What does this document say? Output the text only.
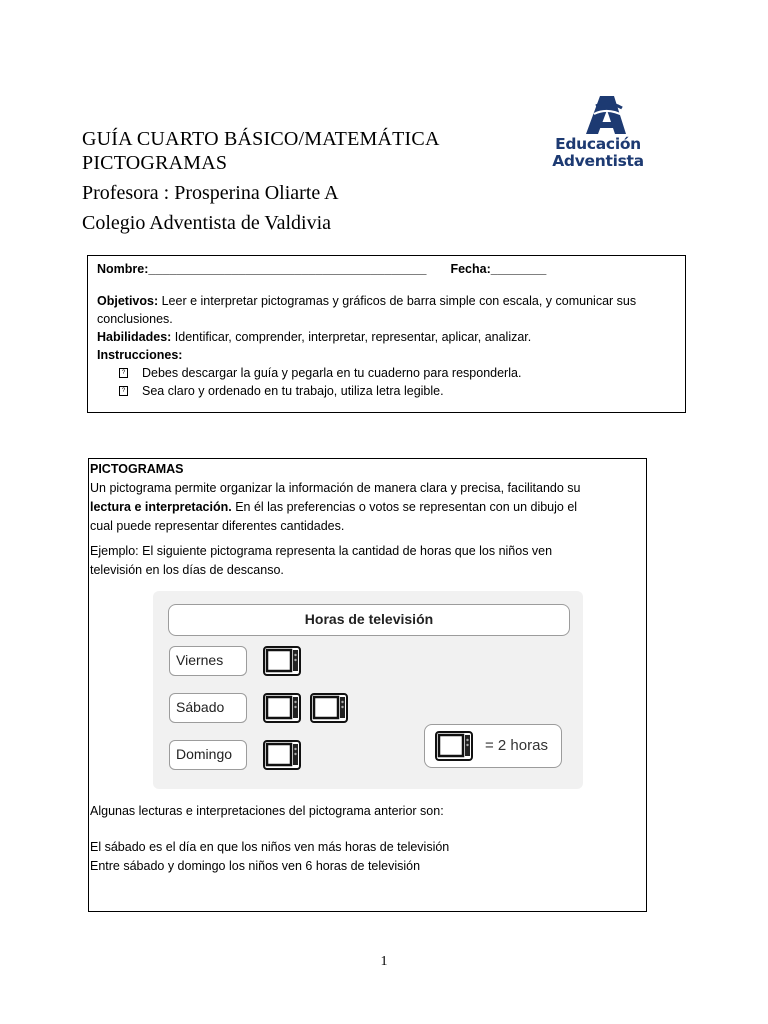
GUÍA CUARTO BÁSICO/MATEMÁTICA
PICTOGRAMAS
Profesora : Prosperina Oliarte A
Colegio Adventista de Valdivia
Educación
Adventista
Nombre:________________________________________ Fecha:________
Objetivos: Leer e interpretar pictogramas y gráficos de barra simple con escala, y comunicar sus
conclusiones.
Habilidades: Identificar, comprender, interpretar, representar, aplicar, analizar.
Instrucciones:
? Debes descargar la guía y pegarla en tu cuaderno para responderla.
? Sea claro y ordenado en tu trabajo, utiliza letra legible.
PICTOGRAMAS
Un pictograma permite organizar la información de manera clara y precisa, facilitando su
lectura e interpretación. En él las preferencias o votos se representan con un dibujo el
cual puede representar diferentes cantidades.
Ejemplo: El siguiente pictograma representa la cantidad de horas que los niños ven
televisión en los días de descanso.
Algunas lecturas e interpretaciones del pictograma anterior son:
El sábado es el día en que los niños ven más horas de televisión
Entre sábado y domingo los niños ven 6 horas de televisión
Horas de televisión
Viernes
Sábado
Domingo	= 2 horas
1
